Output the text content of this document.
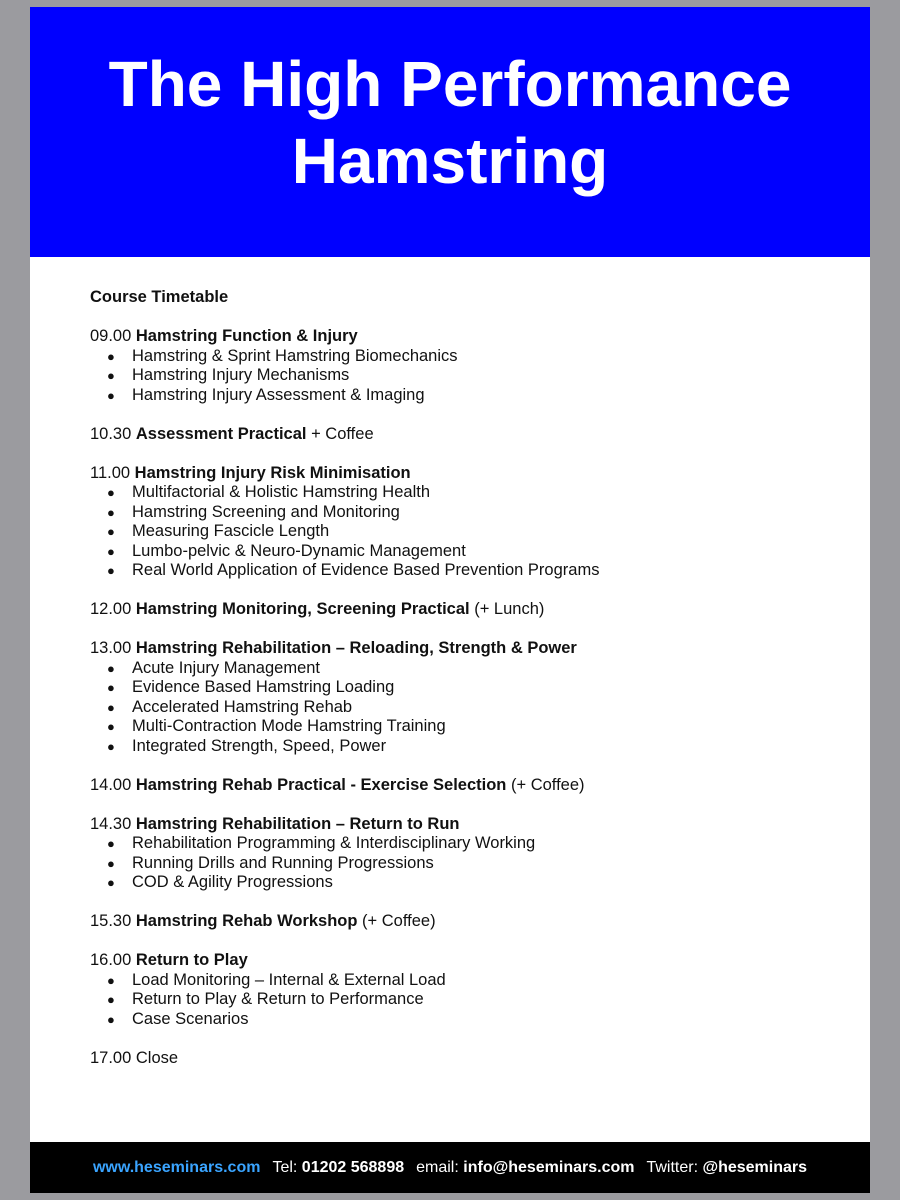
The High Performance
Hamstring
Course Timetable
09.00 Hamstring Function & Injury
● Hamstring & Sprint Hamstring Biomechanics
● Hamstring Injury Mechanisms
● Hamstring Injury Assessment & Imaging
10.30 Assessment Practical + Coffee
11.00 Hamstring Injury Risk Minimisation
● Multifactorial & Holistic Hamstring Health
● Hamstring Screening and Monitoring
● Measuring Fascicle Length
● Lumbo-pelvic & Neuro-Dynamic Management
● Real World Application of Evidence Based Prevention Programs
12.00 Hamstring Monitoring, Screening Practical (+ Lunch)
13.00 Hamstring Rehabilitation – Reloading, Strength & Power
● Acute Injury Management
● Evidence Based Hamstring Loading
● Accelerated Hamstring Rehab
● Multi-Contraction Mode Hamstring Training
● Integrated Strength, Speed, Power
14.00 Hamstring Rehab Practical - Exercise Selection (+ Coffee)
14.30 Hamstring Rehabilitation – Return to Run
● Rehabilitation Programming & Interdisciplinary Working
● Running Drills and Running Progressions
● COD & Agility Progressions
15.30 Hamstring Rehab Workshop (+ Coffee)
16.00 Return to Play
● Load Monitoring – Internal & External Load
● Return to Play & Return to Performance
● Case Scenarios
17.00 Close
www.heseminars.com Tel:
01202 568898 email:
info@heseminars.com Twitter:
@heseminars
